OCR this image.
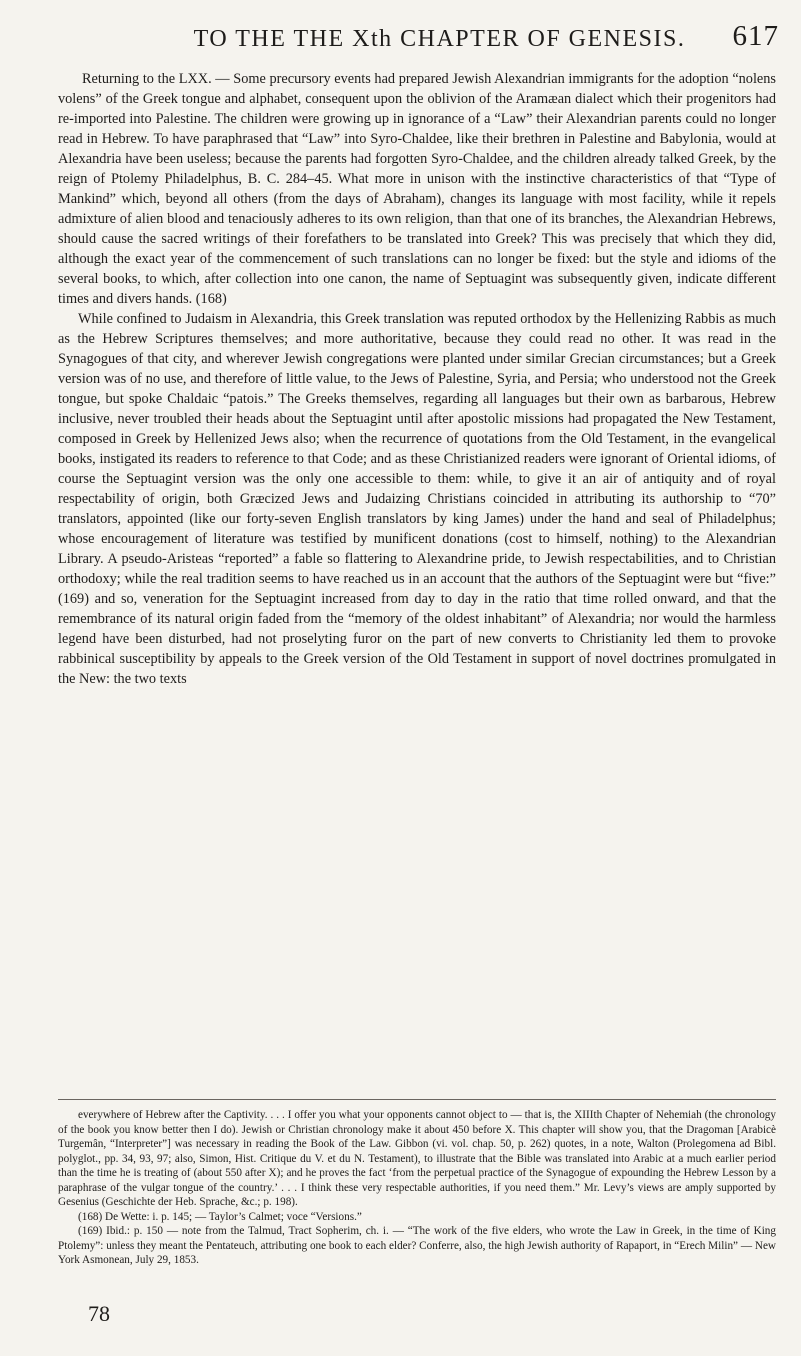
TO THE THE Xth CHAPTER OF GENESIS.	617

Returning to the LXX. — Some precursory events had prepared Jewish Alexandrian immigrants for the adoption “nolens volens” of the Greek tongue and alphabet, consequent upon the oblivion of the Aramæan dialect which their progenitors had re-imported into Palestine. The children were growing up in ignorance of a “Law” their Alexandrian parents could no longer read in Hebrew. To have paraphrased that “Law” into Syro-Chaldee, like their brethren in Palestine and Babylonia, would at Alexandria have been useless; because the parents had forgotten Syro-Chaldee, and the children already talked Greek, by the reign of Ptolemy Philadelphus, B. C. 284–45. What more in unison with the instinctive characteristics of that “Type of Mankind” which, beyond all others (from the days of Abraham), changes its language with most facility, while it repels admixture of alien blood and tenaciously adheres to its own religion, than that one of its branches, the Alexandrian Hebrews, should cause the sacred writings of their forefathers to be translated into Greek? This was precisely that which they did, although the exact year of the commencement of such translations can no longer be fixed: but the style and idioms of the several books, to which, after collection into one canon, the name of Septuagint was subsequently given, indicate different times and divers hands. (168)

While confined to Judaism in Alexandria, this Greek translation was reputed orthodox by the Hellenizing Rabbis as much as the Hebrew Scriptures themselves; and more authoritative, because they could read no other. It was read in the Synagogues of that city, and wherever Jewish congregations were planted under similar Grecian circumstances; but a Greek version was of no use, and therefore of little value, to the Jews of Palestine, Syria, and Persia; who understood not the Greek tongue, but spoke Chaldaic “patois.” The Greeks themselves, regarding all languages but their own as barbarous, Hebrew inclusive, never troubled their heads about the Septuagint until after apostolic missions had propagated the New Testament, composed in Greek by Hellenized Jews also; when the recurrence of quotations from the Old Testament, in the evangelical books, instigated its readers to reference to that Code; and as these Christianized readers were ignorant of Oriental idioms, of course the Septuagint version was the only one accessible to them: while, to give it an air of antiquity and of royal respectability of origin, both Græcized Jews and Judaizing Christians coincided in attributing its authorship to “70” translators, appointed (like our forty-seven English translators by king James) under the hand and seal of Philadelphus; whose encouragement of literature was testified by munificent donations (cost to himself, nothing) to the Alexandrian Library. A pseudo-Aristeas “reported” a fable so flattering to Alexandrine pride, to Jewish respectabilities, and to Christian orthodoxy; while the real tradition seems to have reached us in an account that the authors of the Septuagint were but “five:” (169) and so, veneration for the Septuagint increased from day to day in the ratio that time rolled onward, and that the remembrance of its natural origin faded from the “memory of the oldest inhabitant” of Alexandria; nor would the harmless legend have been disturbed, had not proselyting furor on the part of new converts to Christianity led them to provoke rabbinical susceptibility by appeals to the Greek version of the Old Testament in support of novel doctrines promulgated in the New: the two texts

everywhere of Hebrew after the Captivity. . . . I offer you what your opponents cannot object to — that is, the XIIIth Chapter of Nehemiah (the chronology of the book you know better then I do). Jewish or Christian chronology make it about 450 before X. This chapter will show you, that the Dragoman [Arabicè Turgemân, “Interpreter”] was necessary in reading the Book of the Law. Gibbon (vi. vol. chap. 50, p. 262) quotes, in a note, Walton (Prolegomena ad Bibl. polyglot., pp. 34, 93, 97; also, Simon, Hist. Critique du V. et du N. Testament), to illustrate that the Bible was translated into Arabic at a much earlier period than the time he is treating of (about 550 after X); and he proves the fact ‘from the perpetual practice of the Synagogue of expounding the Hebrew Lesson by a paraphrase of the vulgar tongue of the country.’ . . . I think these very respectable authorities, if you need them.” Mr. Levy’s views are amply supported by Gesenius (Geschichte der Heb. Sprache, &c.; p. 198).

(168) De Wette: i. p. 145; — Taylor’s Calmet; voce “Versions.”

(169) Ibid.: p. 150 — note from the Talmud, Tract Sopherim, ch. i. — “The work of the five elders, who wrote the Law in Greek, in the time of King Ptolemy”: unless they meant the Pentateuch, attributing one book to each elder? Conferre, also, the high Jewish authority of Rapaport, in “Erech Milin” — New York Asmonean, July 29, 1853.

78
